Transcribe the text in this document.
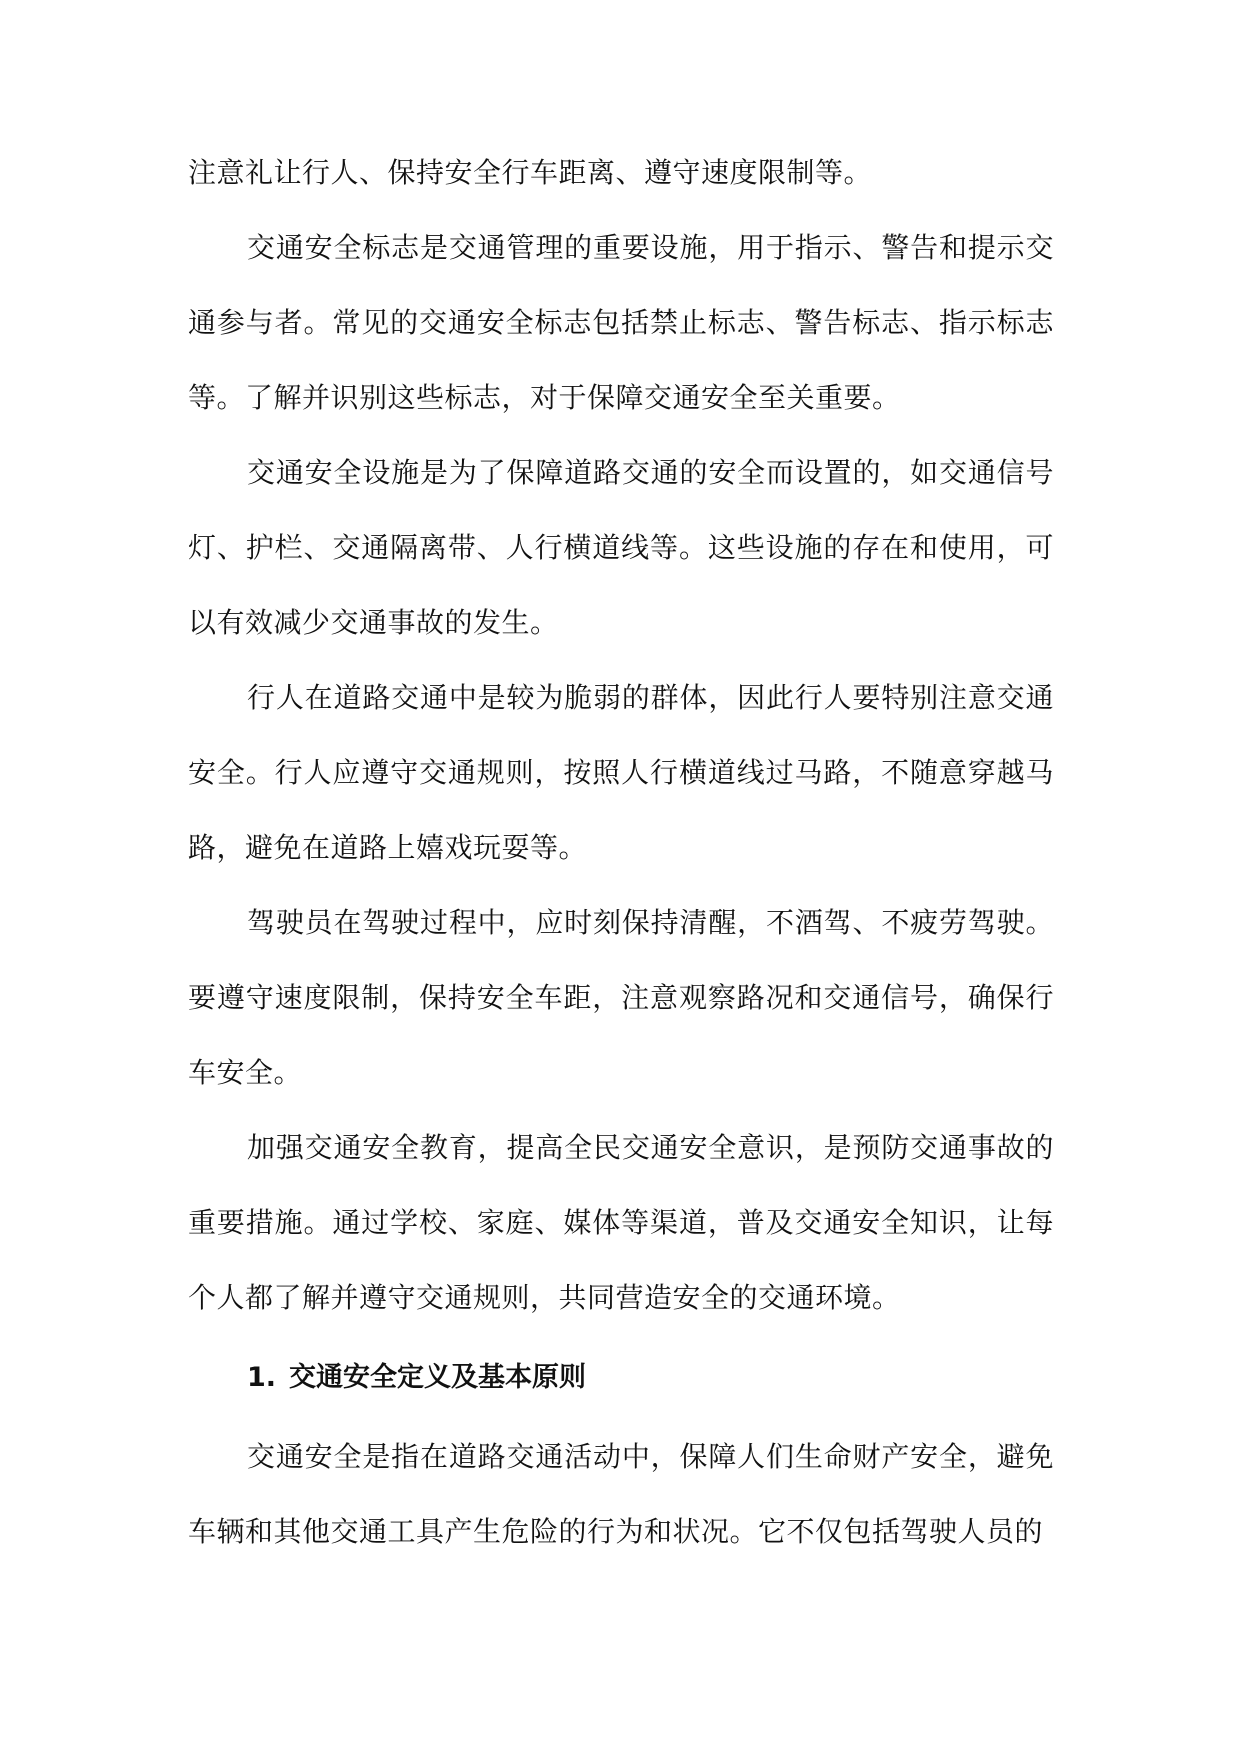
注意礼让行人、保持安全行车距离、遵守速度限制等。

交通安全标志是交通管理的重要设施，用于指示、警告和提示交通参与者。常见的交通安全标志包括禁止标志、警告标志、指示标志等。了解并识别这些标志，对于保障交通安全至关重要。

交通安全设施是为了保障道路交通的安全而设置的，如交通信号灯、护栏、交通隔离带、人行横道线等。这些设施的存在和使用，可以有效减少交通事故的发生。

行人在道路交通中是较为脆弱的群体，因此行人要特别注意交通安全。行人应遵守交通规则，按照人行横道线过马路，不随意穿越马路，避免在道路上嬉戏玩耍等。

驾驶员在驾驶过程中，应时刻保持清醒，不酒驾、不疲劳驾驶。要遵守速度限制，保持安全车距，注意观察路况和交通信号，确保行车安全。

加强交通安全教育，提高全民交通安全意识，是预防交通事故的重要措施。通过学校、家庭、媒体等渠道，普及交通安全知识，让每个人都了解并遵守交通规则，共同营造安全的交通环境。

1. 交通安全定义及基本原则

交通安全是指在道路交通活动中，保障人们生命财产安全，避免车辆和其他交通工具产生危险的行为和状况。它不仅包括驾驶人员的
